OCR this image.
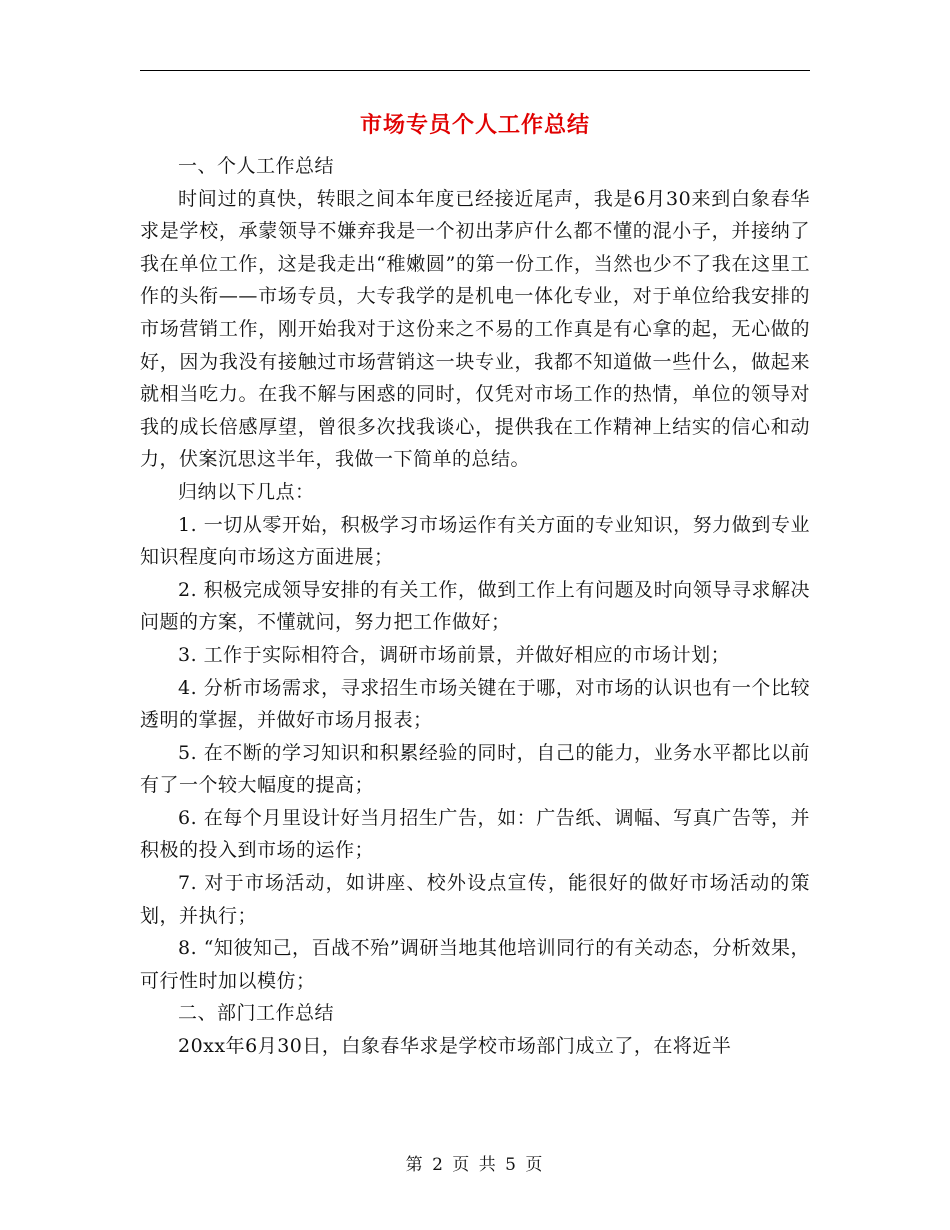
市场专员个人工作总结

一、个人工作总结

时间过的真快，转眼之间本年度已经接近尾声，我是6月30来到白象春华求是学校，承蒙领导不嫌弃我是一个初出茅庐什么都不懂的混小子，并接纳了我在单位工作，这是我走出“稚嫩圆”的第一份工作，当然也少不了我在这里工作的头衔——市场专员，大专我学的是机电一体化专业，对于单位给我安排的市场营销工作，刚开始我对于这份来之不易的工作真是有心拿的起，无心做的好，因为我没有接触过市场营销这一块专业，我都不知道做一些什么，做起来就相当吃力。在我不解与困惑的同时，仅凭对市场工作的热情，单位的领导对我的成长倍感厚望，曾很多次找我谈心，提供我在工作精神上结实的信心和动力，伏案沉思这半年，我做一下简单的总结。

归纳以下几点：

1. 一切从零开始，积极学习市场运作有关方面的专业知识，努力做到专业知识程度向市场这方面进展；

2. 积极完成领导安排的有关工作，做到工作上有问题及时向领导寻求解决问题的方案，不懂就问，努力把工作做好；

3. 工作于实际相符合，调研市场前景，并做好相应的市场计划；

4. 分析市场需求，寻求招生市场关键在于哪，对市场的认识也有一个比较透明的掌握，并做好市场月报表；

5. 在不断的学习知识和积累经验的同时，自己的能力，业务水平都比以前有了一个较大幅度的提高；

6. 在每个月里设计好当月招生广告，如：广告纸、调幅、写真广告等，并积极的投入到市场的运作；

7. 对于市场活动，如讲座、校外设点宣传，能很好的做好市场活动的策划，并执行；

8. “知彼知己，百战不殆”调研当地其他培训同行的有关动态，分析效果，可行性时加以模仿；

二、部门工作总结

20xx年6月30日，白象春华求是学校市场部门成立了，在将近半

第 2 页 共 5 页
